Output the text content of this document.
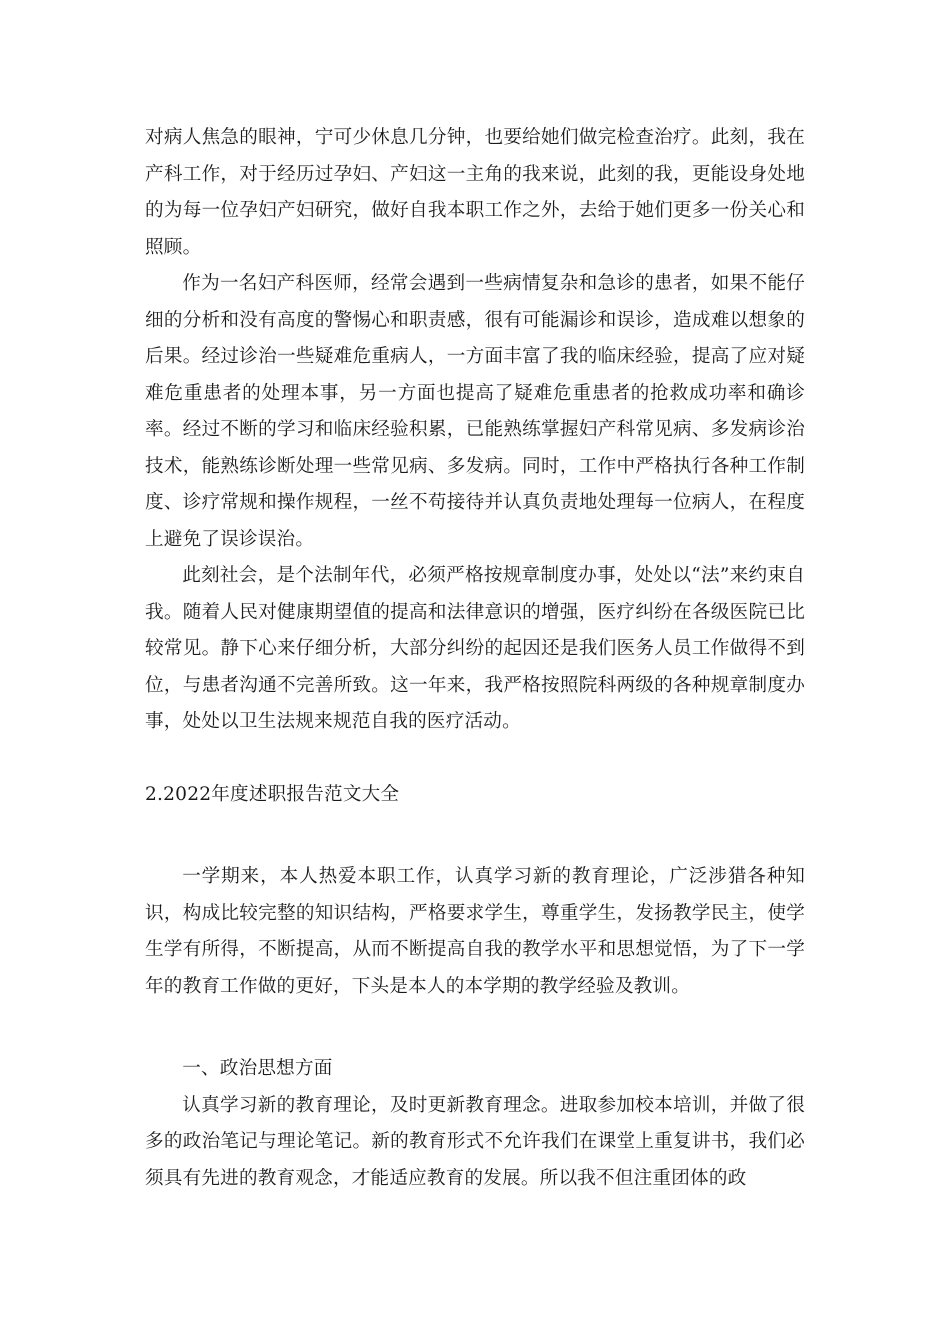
对病人焦急的眼神，宁可少休息几分钟，也要给她们做完检查治疗。此刻，我在产科工作，对于经历过孕妇、产妇这一主角的我来说，此刻的我，更能设身处地的为每一位孕妇产妇研究，做好自我本职工作之外，去给于她们更多一份关心和照顾。

作为一名妇产科医师，经常会遇到一些病情复杂和急诊的患者，如果不能仔细的分析和没有高度的警惕心和职责感，很有可能漏诊和误诊，造成难以想象的后果。经过诊治一些疑难危重病人，一方面丰富了我的临床经验，提高了应对疑难危重患者的处理本事，另一方面也提高了疑难危重患者的抢救成功率和确诊率。经过不断的学习和临床经验积累，已能熟练掌握妇产科常见病、多发病诊治技术，能熟练诊断处理一些常见病、多发病。同时，工作中严格执行各种工作制度、诊疗常规和操作规程，一丝不苟接待并认真负责地处理每一位病人，在程度上避免了误诊误治。

此刻社会，是个法制年代，必须严格按规章制度办事，处处以“法”来约束自我。随着人民对健康期望值的提高和法律意识的增强，医疗纠纷在各级医院已比较常见。静下心来仔细分析，大部分纠纷的起因还是我们医务人员工作做得不到位，与患者沟通不完善所致。这一年来，我严格按照院科两级的各种规章制度办事，处处以卫生法规来规范自我的医疗活动。

2.2022年度述职报告范文大全

一学期来，本人热爱本职工作，认真学习新的教育理论，广泛涉猎各种知识，构成比较完整的知识结构，严格要求学生，尊重学生，发扬教学民主，使学生学有所得，不断提高，从而不断提高自我的教学水平和思想觉悟，为了下一学年的教育工作做的更好，下头是本人的本学期的教学经验及教训。

一、政治思想方面

认真学习新的教育理论，及时更新教育理念。进取参加校本培训，并做了很多的政治笔记与理论笔记。新的教育形式不允许我们在课堂上重复讲书，我们必须具有先进的教育观念，才能适应教育的发展。所以我不但注重团体的政
